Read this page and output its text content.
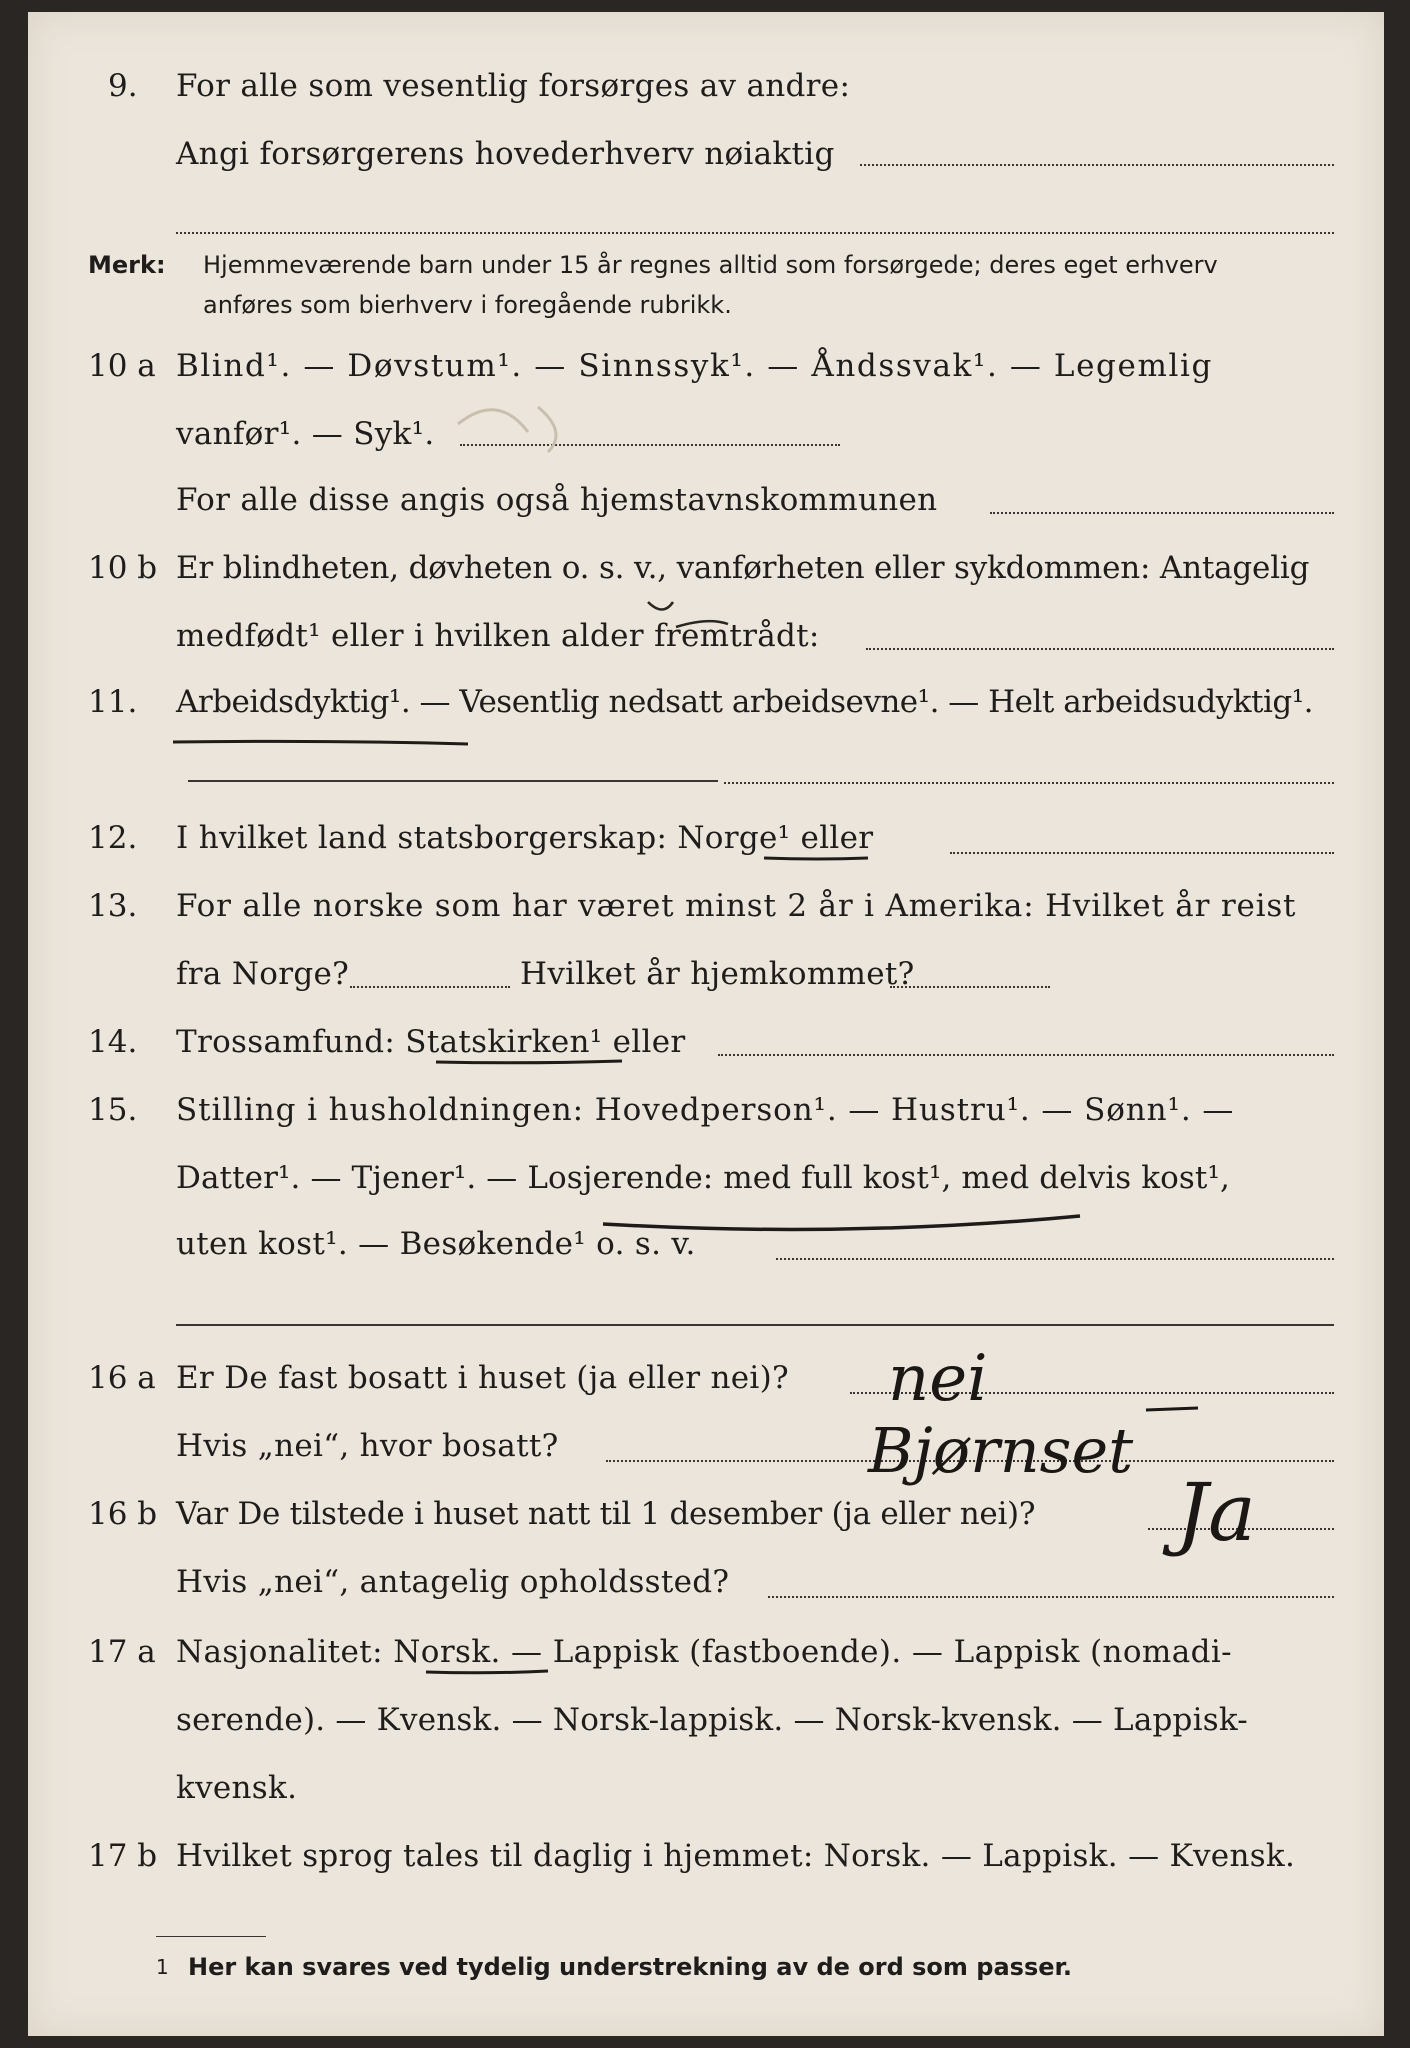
9. For alle som vesentlig forsørges av andre:
Angi forsørgerens hovederhverv nøiaktig
Merk: Hjemmeværende barn under 15 år regnes alltid som forsørgede; deres eget erhverv
anføres som bierhverv i foregående rubrikk.
10 a Blind¹. — Døvstum¹. — Sinnssyk¹. — Åndssvak¹. — Legemlig
vanfør¹. — Syk¹.
For alle disse angis også hjemstavnskommunen
10 b Er blindheten, døvheten o. s. v., vanførheten eller sykdommen: Antagelig
medfødt¹ eller i hvilken alder fremtrådt:
11. Arbeidsdyktig¹. — Vesentlig nedsatt arbeidsevne¹. — Helt arbeidsudyktig¹.
12. I hvilket land statsborgerskap: Norge¹ eller
13. For alle norske som har været minst 2 år i Amerika: Hvilket år reist
fra Norge?	Hvilket år hjemkommet?
14. Trossamfund: Statskirken¹ eller
15. Stilling i husholdningen: Hovedperson¹. — Hustru¹. — Sønn¹. —
Datter¹. — Tjener¹. — Losjerende: med full kost¹, med delvis kost¹,
uten kost¹. — Besøkende¹ o. s. v.
16 a Er De fast bosatt i huset (ja eller nei)?
Hvis „nei“, hvor bosatt?
16 b Var De tilstede i huset natt til 1 desember (ja eller nei)?
Hvis „nei“, antagelig opholdssted?
17 a Nasjonalitet: Norsk. — Lappisk (fastboende). — Lappisk (nomadi-
serende). — Kvensk. — Norsk-lappisk. — Norsk-kvensk. — Lappisk-
kvensk.
17 b Hvilket sprog tales til daglig i hjemmet: Norsk. — Lappisk. — Kvensk.
1 Her kan svares ved tydelig understrekning av de ord som passer.
nei
Bjørnset
Ja
